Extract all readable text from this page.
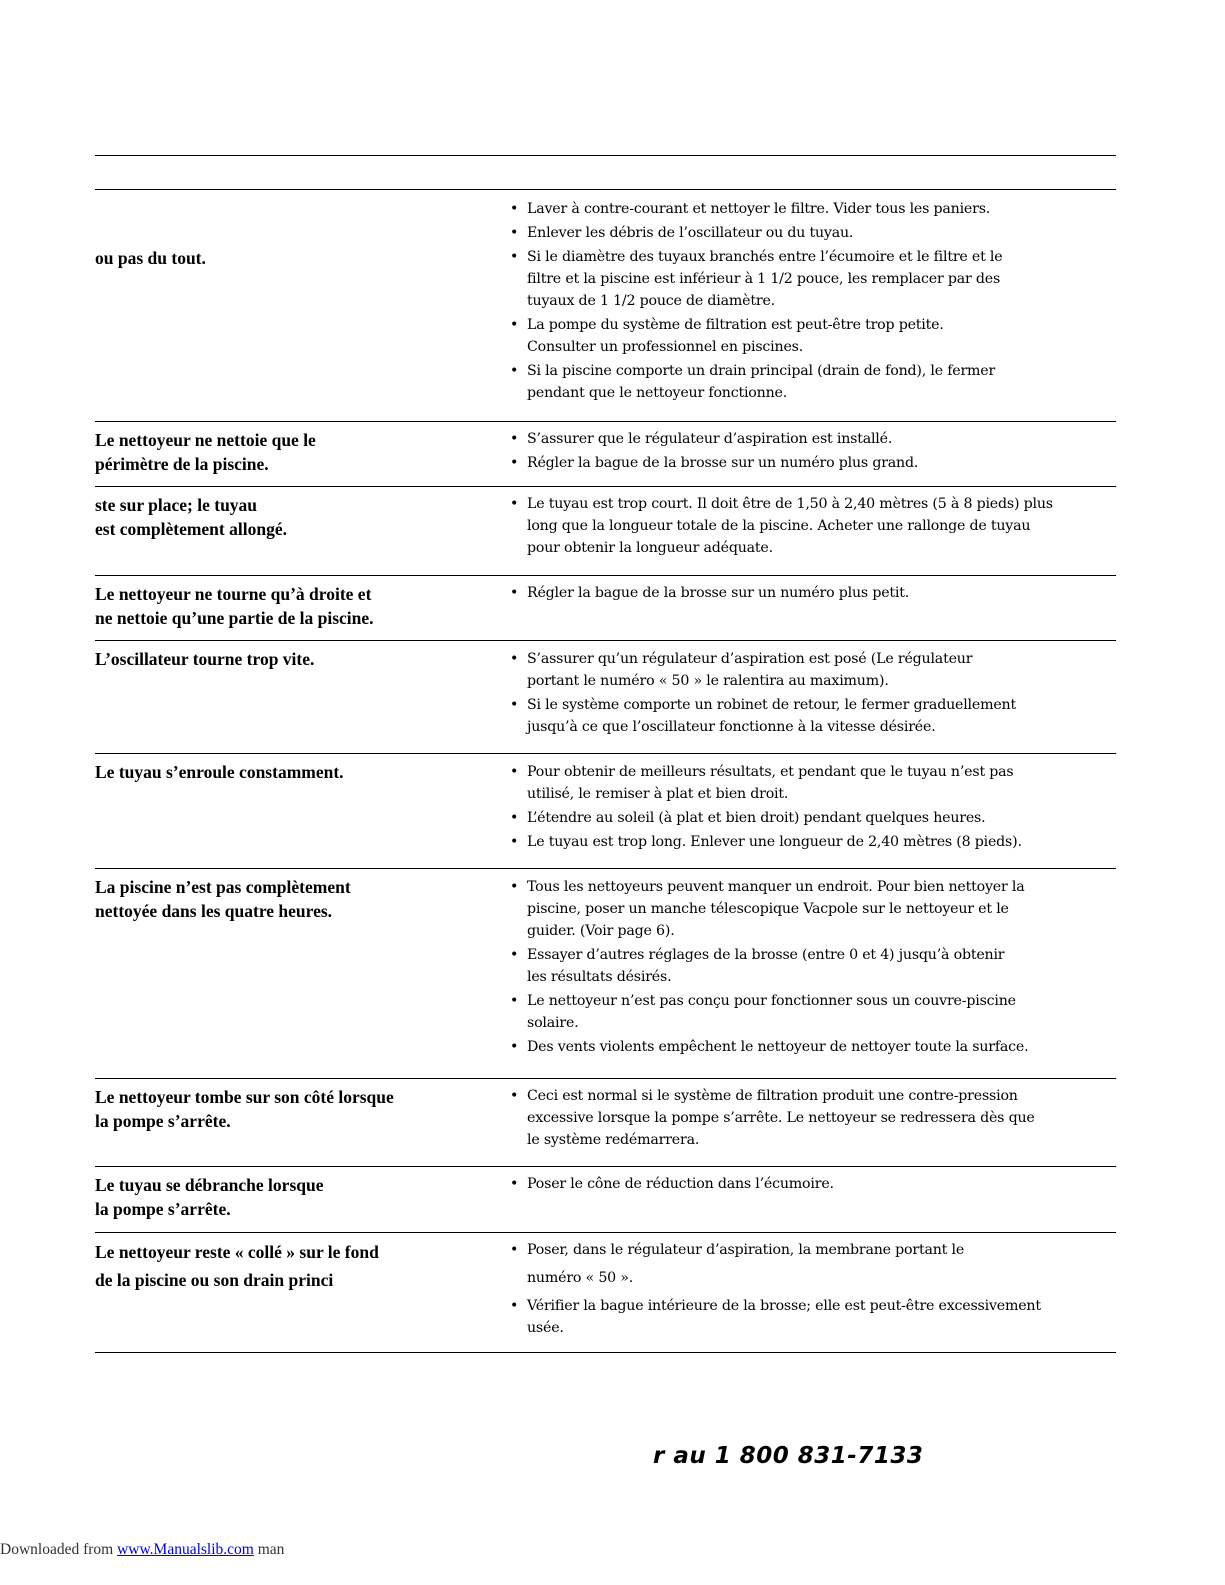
ou pas du tout.
• Laver à contre-courant et nettoyer le filtre. Vider tous les paniers.
• Enlever les débris de l’oscillateur ou du tuyau.
• Si le diamètre des tuyaux branchés entre l’écumoire et le filtre et le
filtre et la piscine est inférieur à 1 1/2 pouce, les remplacer par des
tuyaux de 1 1/2 pouce de diamètre.
• La pompe du système de filtration est peut-être trop petite.
Consulter un professionnel en piscines.
• Si la piscine comporte un drain principal (drain de fond), le fermer
pendant que le nettoyeur fonctionne.
Le nettoyeur ne nettoie que le
périmètre de la piscine.
• S’assurer que le régulateur d’aspiration est installé.
• Régler la bague de la brosse sur un numéro plus grand.
ste sur place; le tuyau
est complètement allongé.
• Le tuyau est trop court. Il doit être de 1,50 à 2,40 mètres (5 à 8 pieds) plus
long que la longueur totale de la piscine. Acheter une rallonge de tuyau
pour obtenir la longueur adéquate.
Le nettoyeur ne tourne qu’à droite et
ne nettoie qu’une partie de la piscine.
• Régler la bague de la brosse sur un numéro plus petit.
L’oscillateur tourne trop vite.	• S’assurer qu’un régulateur d’aspiration est posé (Le régulateur
portant le numéro « 50 » le ralentira au maximum).
• Si le système comporte un robinet de retour, le fermer graduellement
jusqu’à ce que l’oscillateur fonctionne à la vitesse désirée.
Le tuyau s’enroule constamment.	• Pour obtenir de meilleurs résultats, et pendant que le tuyau n’est pas
utilisé, le remiser à plat et bien droit.
• L’étendre au soleil (à plat et bien droit) pendant quelques heures.
• Le tuyau est trop long. Enlever une longueur de 2,40 mètres (8 pieds).
La piscine n’est pas complètement
nettoyée dans les quatre heures.
• Tous les nettoyeurs peuvent manquer un endroit. Pour bien nettoyer la
piscine, poser un manche télescopique Vacpole sur le nettoyeur et le
guider. (Voir page 6).
• Essayer d’autres réglages de la brosse (entre 0 et 4) jusqu’à obtenir
les résultats désirés.
• Le nettoyeur n’est pas conçu pour fonctionner sous un couvre-piscine
solaire.
• Des vents violents empêchent le nettoyeur de nettoyer toute la surface.
Le nettoyeur tombe sur son côté lorsque
la pompe s’arrête.
• Ceci est normal si le système de filtration produit une contre-pression
excessive lorsque la pompe s’arrête. Le nettoyeur se redressera dès que
le système redémarrera.
Le tuyau se débranche lorsque
la pompe s’arrête.
• Poser le cône de réduction dans l’écumoire.
Le nettoyeur reste « collé » sur le fond
de la piscine ou son drain princi
• Poser, dans le régulateur d’aspiration, la membrane portant le
numéro « 50 ».
• Vérifier la bague intérieure de la brosse; elle est peut-être excessivement
usée.
r au 1 800 831-7133
Downloaded from www.Manualslib.com man
